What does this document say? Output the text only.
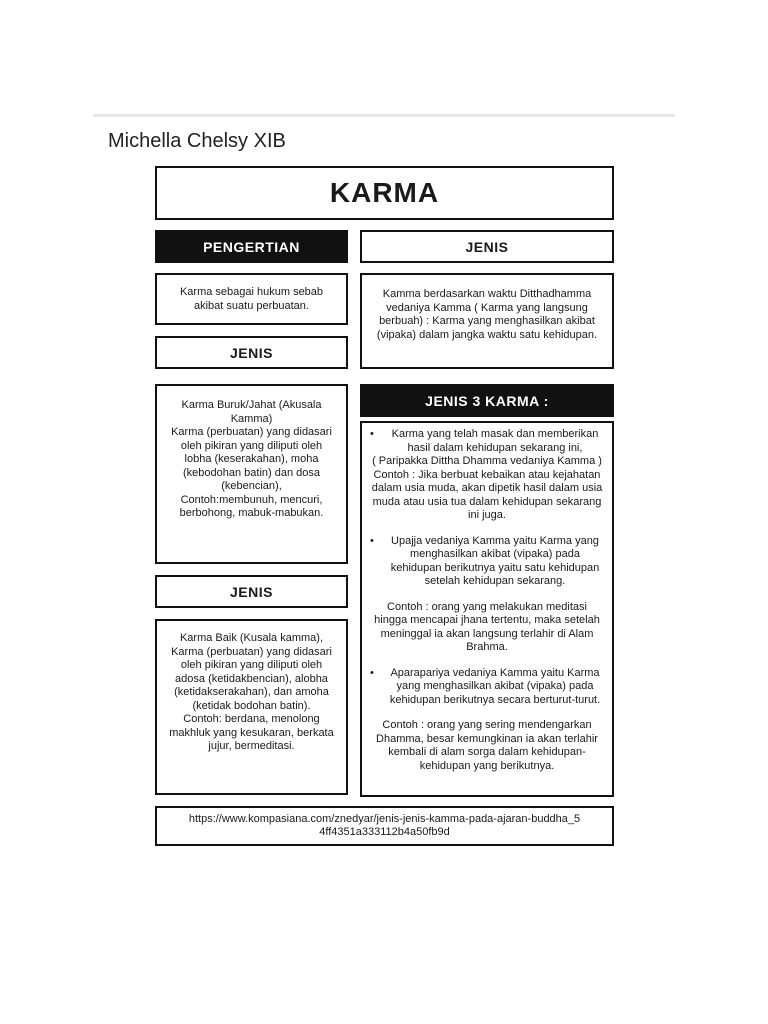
Michella Chelsy XIB
KARMA
PENGERTIAN

Karma sebagai hukum sebab akibat suatu perbuatan.

JENIS

Karma Buruk/Jahat (Akusala Kamma)

Karma (perbuatan) yang didasari oleh pikiran yang diliputi oleh lobha (keserakahan), moha (kebodohan batin) dan dosa (kebencian),

Contoh:membunuh, mencuri, berbohong, mabuk-mabukan.

JENIS

Karma Baik (Kusala kamma),

Karma (perbuatan) yang didasari oleh pikiran yang diliputi oleh adosa (ketidakbencian), alobha (ketidakserakahan), dan amoha (ketidak bodohan batin).

Contoh: berdana, menolong makhluk yang kesukaran, berkata jujur, bermeditasi.

JENIS

Kamma berdasarkan waktu Ditthadhamma vedaniya Kamma ( Karma yang langsung berbuah) : Karma yang menghasilkan akibat (vipaka) dalam jangka waktu satu kehidupan.

JENIS 3 KARMA :
•	Karma yang telah masak dan memberikan hasil dalam kehidupan sekarang ini,

( Paripakka Dittha Dhamma vedaniya Kamma )

Contoh : Jika berbuat kebaikan atau kejahatan dalam usia muda, akan dipetik hasil dalam usia muda atau usia tua dalam kehidupan sekarang ini juga.

•	Upajja vedaniya Kamma yaitu Karma yang menghasilkan akibat (vipaka) pada kehidupan berikutnya yaitu satu kehidupan setelah kehidupan sekarang.

Contoh : orang yang melakukan meditasi hingga mencapai jhana tertentu, maka setelah meninggal ia akan langsung terlahir di Alam Brahma.

•	Aparapariya vedaniya Kamma yaitu Karma yang menghasilkan akibat (vipaka) pada kehidupan berikutnya secara berturut-turut.

Contoh : orang yang sering mendengarkan Dhamma, besar kemungkinan ia akan terlahir kembali di alam sorga dalam kehidupan-kehidupan yang berikutnya.

https://www.kompasiana.com/znedyar/jenis-jenis-kamma-pada-ajaran-buddha_54ff4351a333112b4a50fb9d
